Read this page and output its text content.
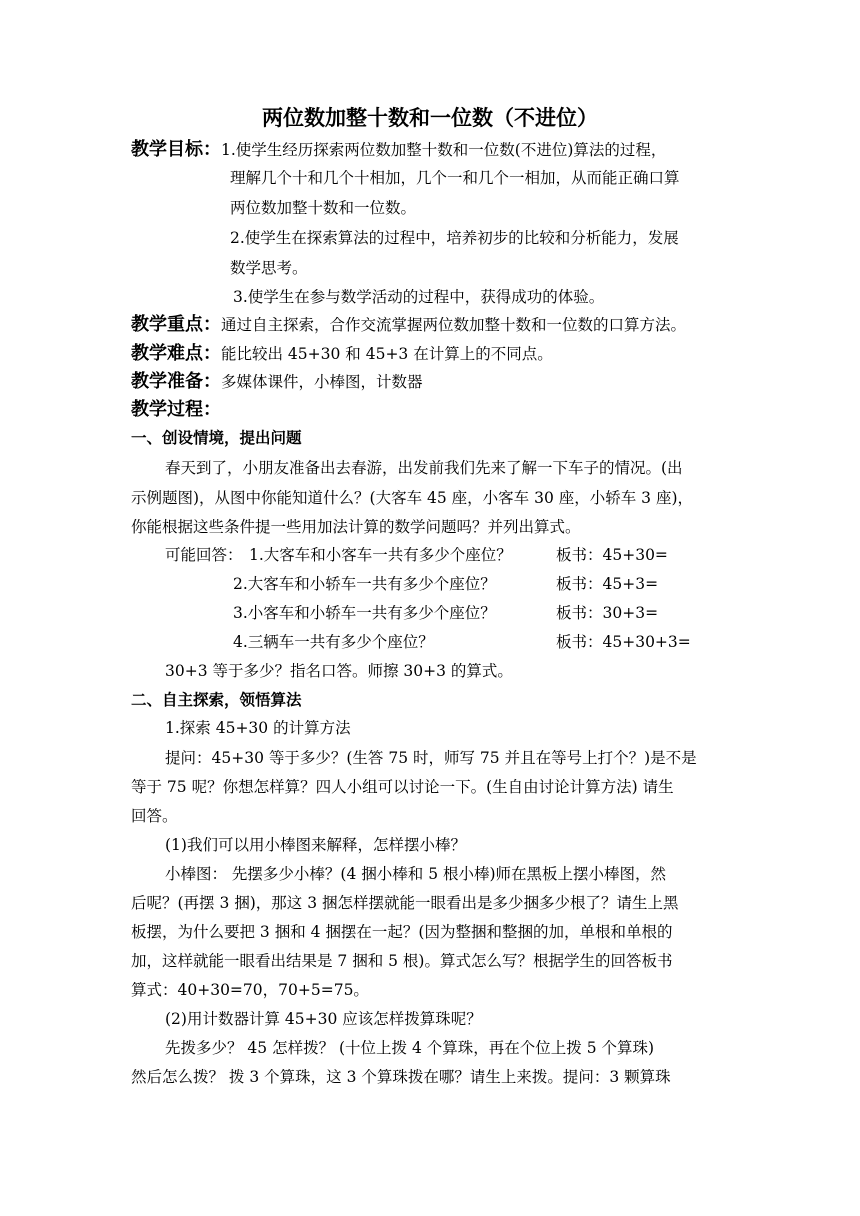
两位数加整十数和一位数（不进位）
教学目标：1.使学生经历探索两位数加整十数和一位数(不进位)算法的过程，
理解几个十和几个十相加，几个一和几个一相加，从而能正确口算
两位数加整十数和一位数。
2.使学生在探索算法的过程中，培养初步的比较和分析能力，发展
数学思考。
3.使学生在参与数学活动的过程中，获得成功的体验。
教学重点：通过自主探索，合作交流掌握两位数加整十数和一位数的口算方法。
教学难点：能比较出 45+30 和 45+3 在计算上的不同点。
教学准备：多媒体课件，小棒图，计数器
教学过程：
一、创设情境，提出问题
春天到了，小朋友准备出去春游，出发前我们先来了解一下车子的情况。(出
示例题图)，从图中你能知道什么？(大客车 45 座，小客车 30 座，小轿车 3 座)，
你能根据这些条件提一些用加法计算的数学问题吗？并列出算式。
可能回答： 1.大客车和小客车一共有多少个座位？	板书：45+30=
2.大客车和小轿车一共有多少个座位？	板书：45+3=
3.小客车和小轿车一共有多少个座位？	板书：30+3=
4.三辆车一共有多少个座位？	板书：45+30+3=
30+3 等于多少？指名口答。师擦 30+3 的算式。
二、自主探索，领悟算法
1.探索 45+30 的计算方法
提问：45+30 等于多少？(生答 75 时，师写 75 并且在等号上打个？)是不是
等于 75 呢？你想怎样算？四人小组可以讨论一下。(生自由讨论计算方法) 请生
回答。
(1)我们可以用小棒图来解释，怎样摆小棒？
小棒图： 先摆多少小棒？(4 捆小棒和 5 根小棒)师在黑板上摆小棒图，然
后呢？(再摆 3 捆)，那这 3 捆怎样摆就能一眼看出是多少捆多少根了？请生上黑
板摆，为什么要把 3 捆和 4 捆摆在一起？(因为整捆和整捆的加，单根和单根的
加，这样就能一眼看出结果是 7 捆和 5 根)。算式怎么写？根据学生的回答板书
算式：40+30=70，70+5=75。
(2)用计数器计算 45+30 应该怎样拨算珠呢？
先拨多少？ 45 怎样拨？ (十位上拨 4 个算珠，再在个位上拨 5 个算珠)
然后怎么拨？ 拨 3 个算珠，这 3 个算珠拨在哪？请生上来拨。提问：3 颗算珠
